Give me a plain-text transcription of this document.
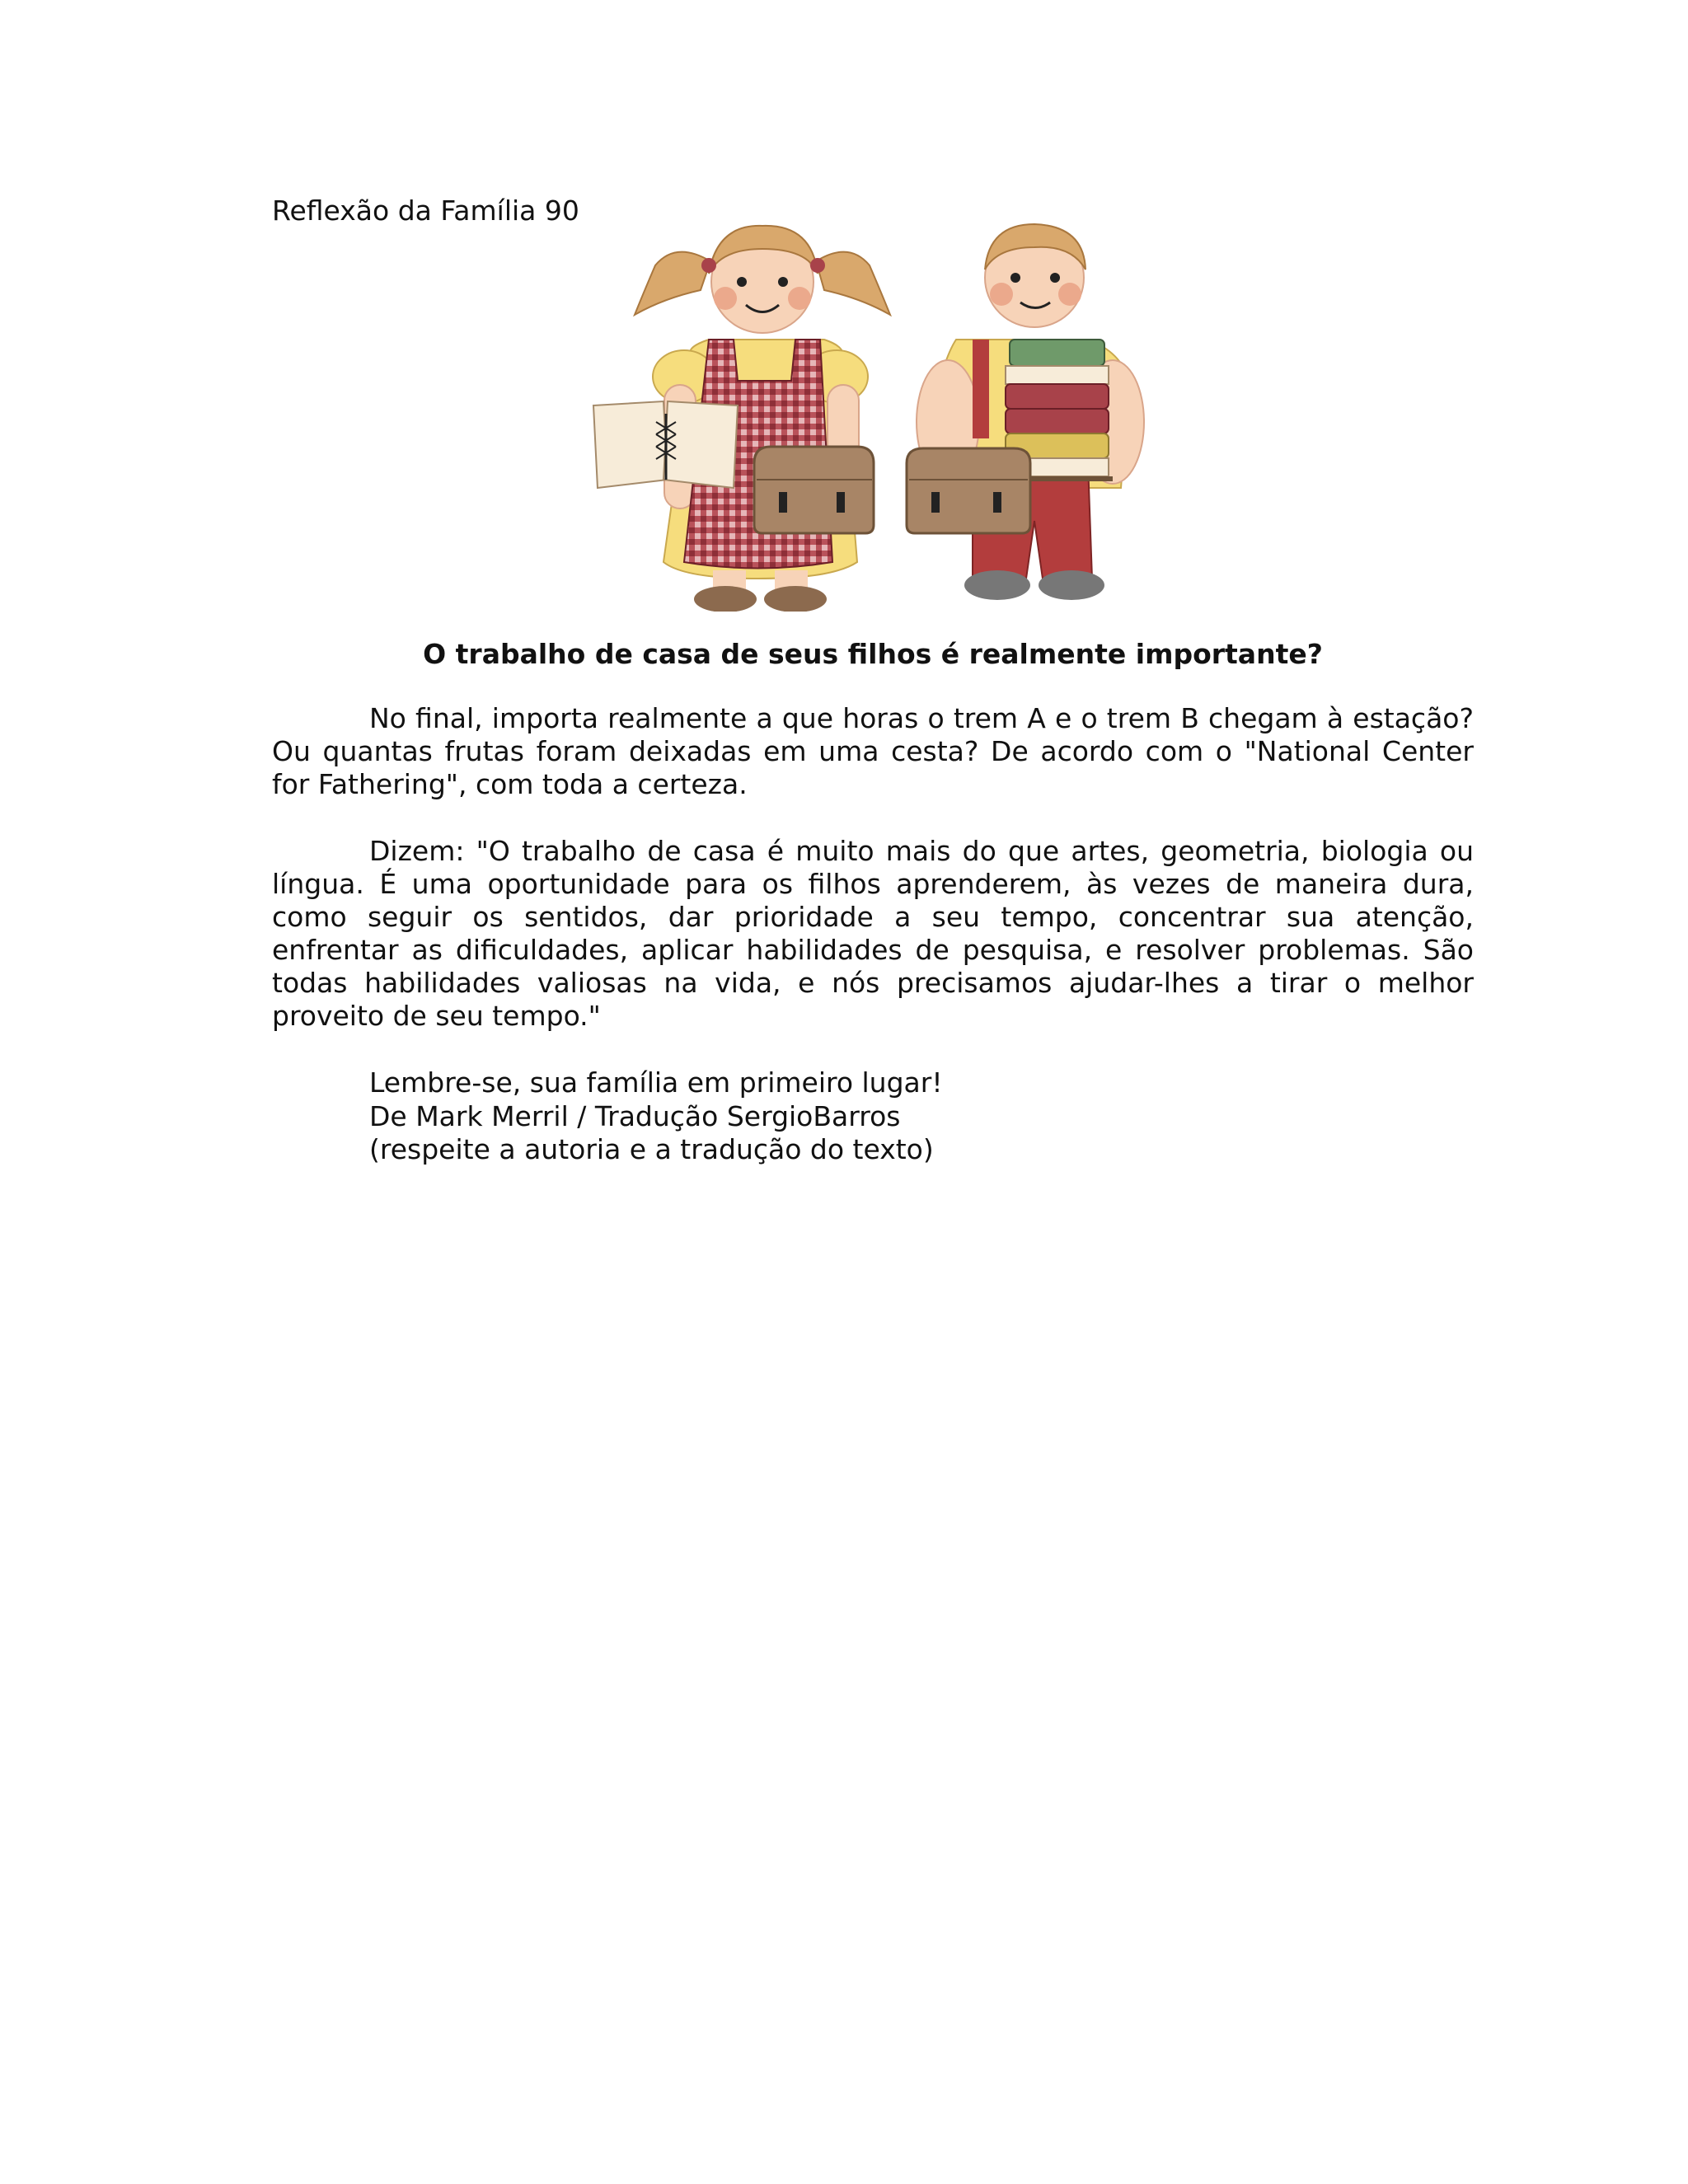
Reflexão da Família 90

O trabalho de casa de seus filhos é realmente importante?

No final, importa realmente a que horas o trem A e o trem B chegam à estação? Ou quantas frutas foram deixadas em uma cesta? De acordo com o "National Center for Fathering", com toda a certeza.

Dizem: "O trabalho de casa é muito mais do que artes, geometria, biologia ou língua. É uma oportunidade para os filhos aprenderem, às vezes de maneira dura, como seguir os sentidos, dar prioridade a seu tempo, concentrar sua atenção, enfrentar as dificuldades, aplicar habilidades de pesquisa, e resolver problemas. São todas habilidades valiosas na vida, e nós precisamos ajudar-lhes a tirar o melhor proveito de seu tempo."

Lembre-se, sua família em primeiro lugar!
De Mark Merril / Tradução SergioBarros
(respeite a autoria e a tradução do texto)
